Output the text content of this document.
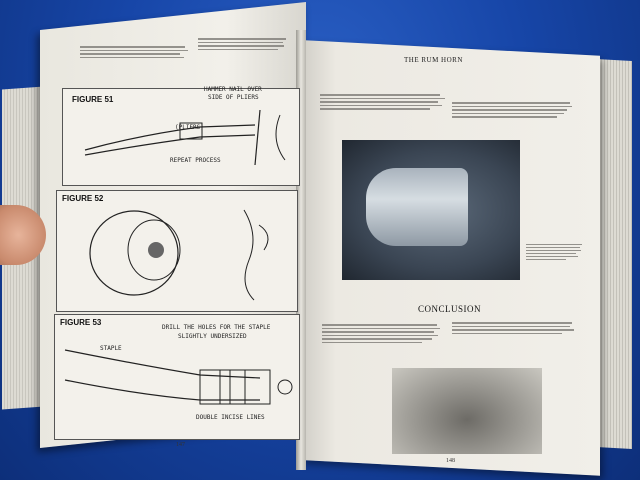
FIGURE 51
HAMMER NAIL OVER
SIDE OF PLIERS
(PLIERS)
REPEAT PROCESS
FIGURE 52
FIGURE 53
DRILL THE HOLES FOR THE STAPLE
SLIGHTLY UNDERSIZED
STAPLE
DOUBLE INCISE LINES
147
THE RUM HORN
CONCLUSION
148
